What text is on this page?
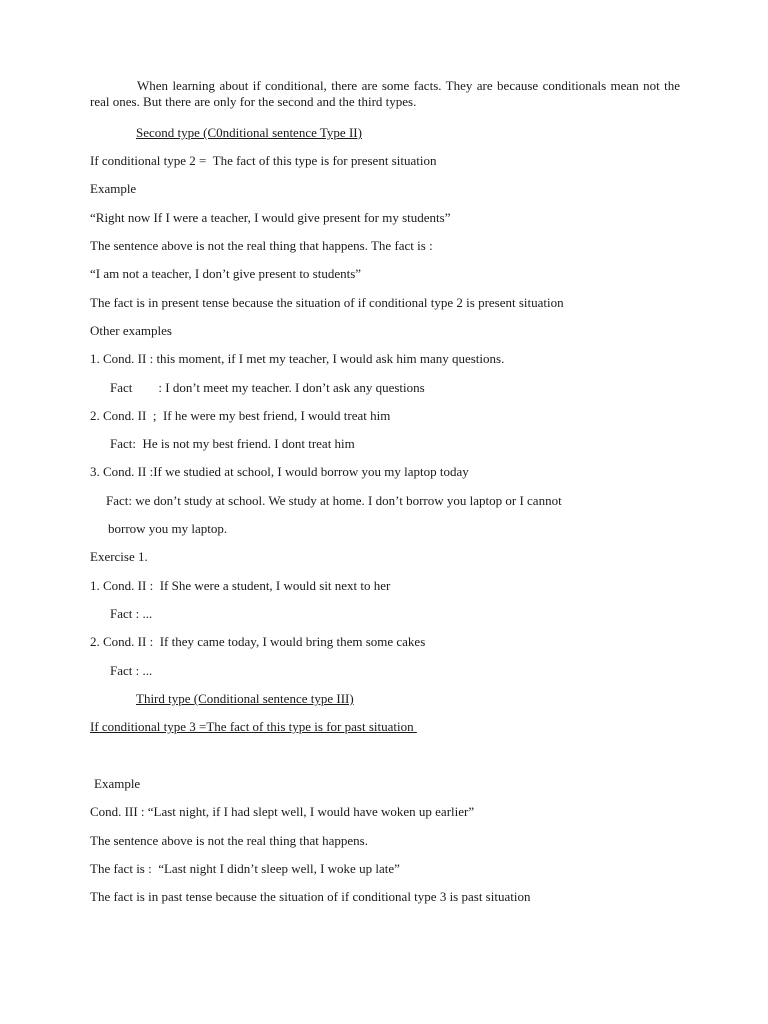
When learning about if conditional, there are some facts. They are because conditionals mean not the real ones. But there are only for the second and the third types.
Second type (C0nditional sentence Type II)
If conditional type 2 =  The fact of this type is for present situation
Example
“Right now If I were a teacher, I would give present for my students”
The sentence above is not the real thing that happens. The fact is :
“I am not a teacher, I don’t give present to students”
The fact is in present tense because the situation of if conditional type 2 is present situation
Other examples
1. Cond. II : this moment, if I met my teacher, I would ask him many questions.
Fact        : I don’t meet my teacher. I don’t ask any questions
2. Cond. II  ;  If he were my best friend, I would treat him
Fact:  He is not my best friend. I dont treat him
3. Cond. II :If we studied at school, I would borrow you my laptop today
Fact: we don’t study at school. We study at home. I don’t borrow you laptop or I cannot
borrow you my laptop.
Exercise 1.
1. Cond. II :  If She were a student, I would sit next to her
Fact : ...
2. Cond. II :  If they came today, I would bring them some cakes
Fact : ...
Third type (Conditional sentence type III)
If conditional type 3 =The fact of this type is for past situation
Example
Cond. III : “Last night, if I had slept well, I would have woken up earlier”
The sentence above is not the real thing that happens.
The fact is :  “Last night I didn’t sleep well, I woke up late”
The fact is in past tense because the situation of if conditional type 3 is past situation
